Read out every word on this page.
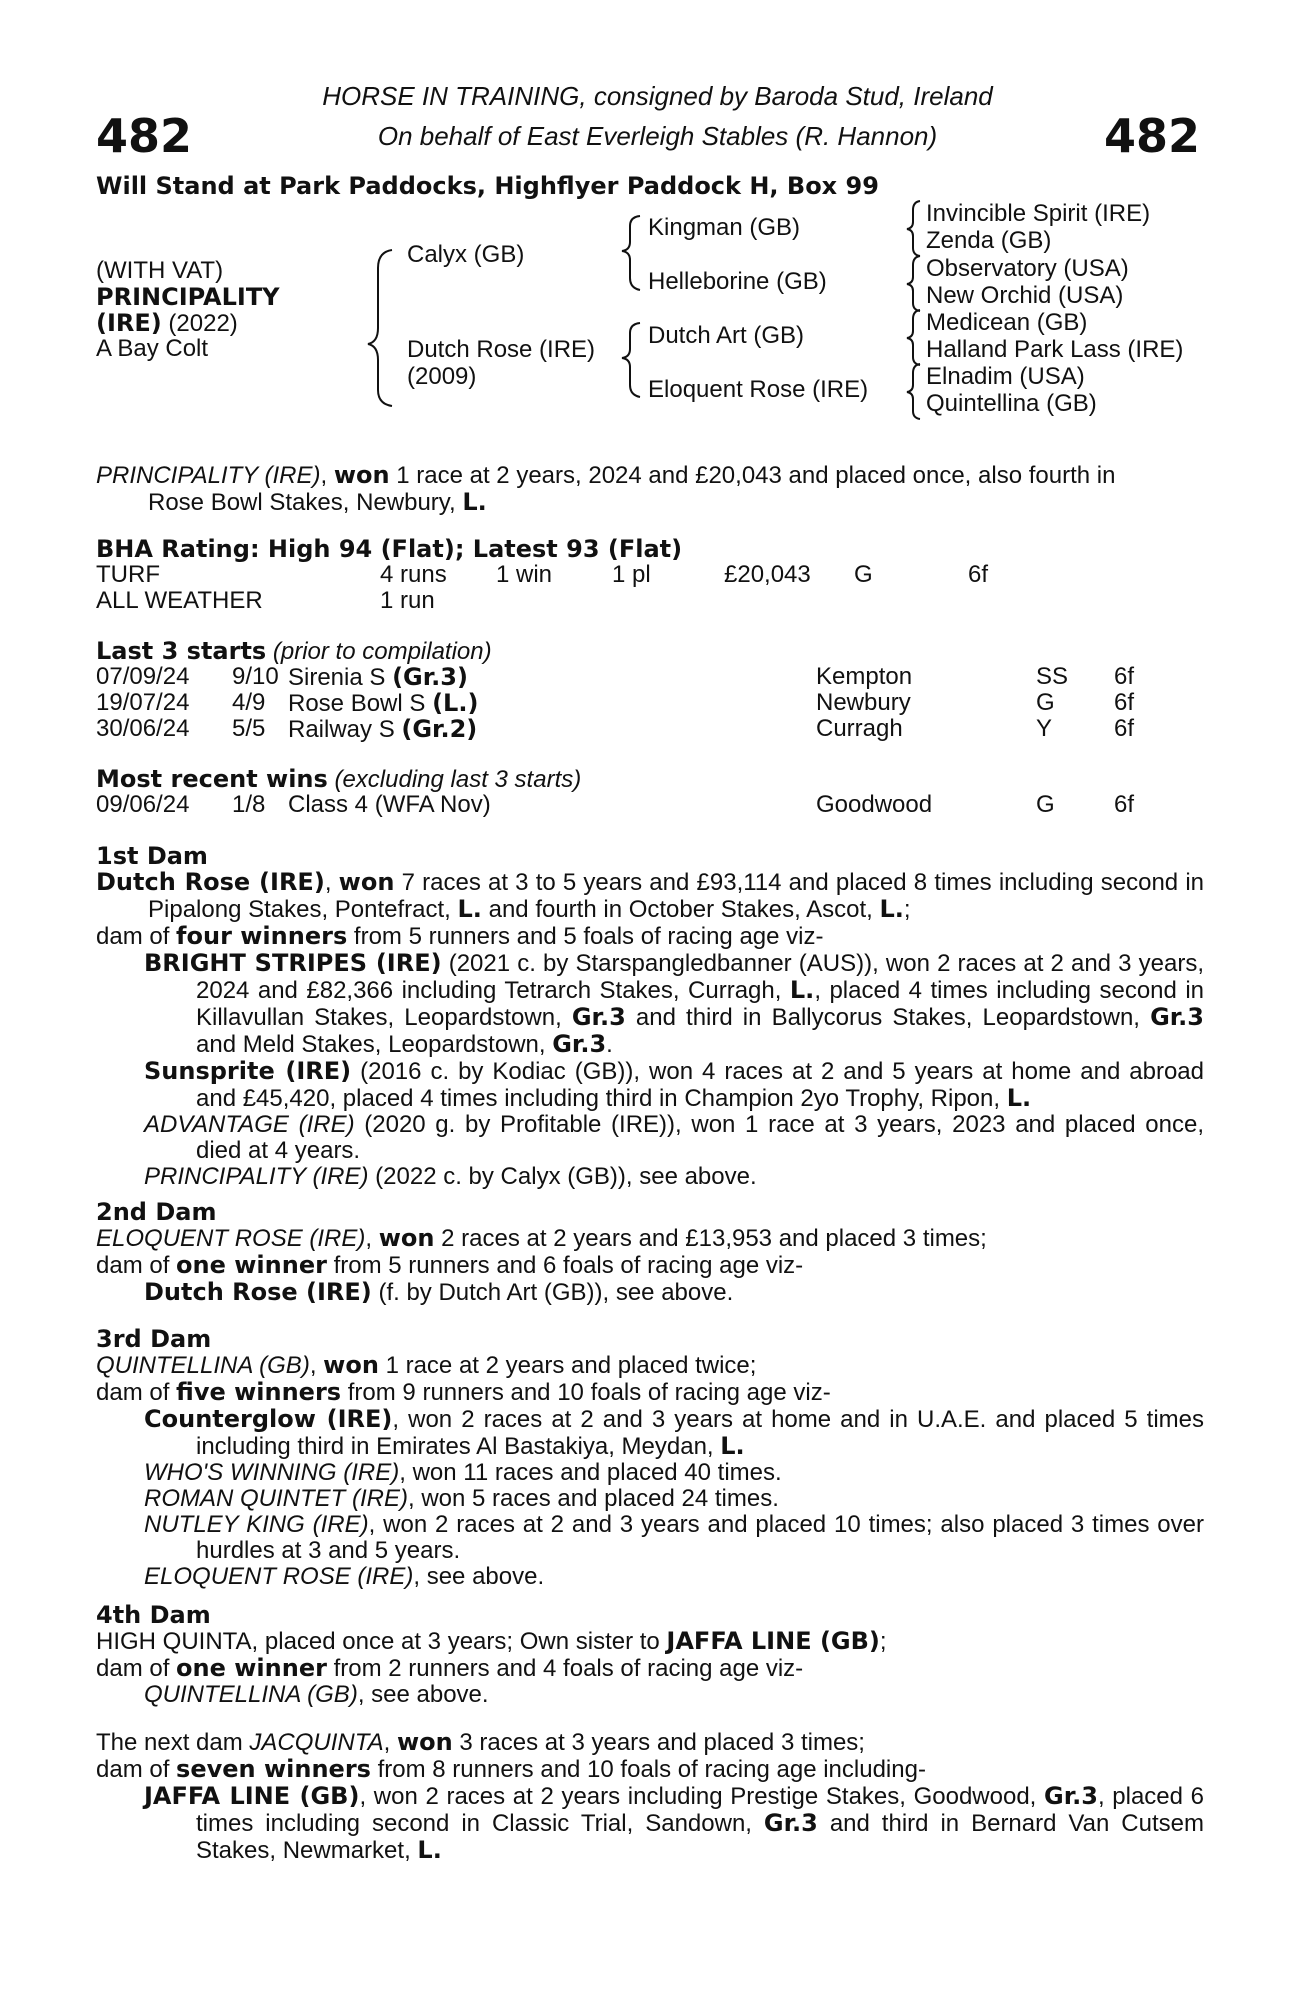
482	482
HORSE IN TRAINING, consigned by Baroda Stud, Ireland
On behalf of East Everleigh Stables (R. Hannon)
Will Stand at Park Paddocks, Highflyer Paddock H, Box 99
(WITH VAT)
PRINCIPALITY
(IRE) (2022)
A Bay Colt
Calyx (GB)
Dutch Rose (IRE)
(2009)
Kingman (GB)
Helleborine (GB)
Dutch Art (GB)
Eloquent Rose (IRE)
Invincible Spirit (IRE)
Zenda (GB)
Observatory (USA)
New Orchid (USA)
Medicean (GB)
Halland Park Lass (IRE)
Elnadim (USA)
Quintellina (GB)
PRINCIPALITY (IRE), won 1 race at 2 years, 2024 and £20,043 and placed once, also fourth in
Rose Bowl Stakes, Newbury, L.
BHA Rating: High 94 (Flat); Latest 93 (Flat)
TURF	4 runs 1 win 1 pl	£20,043 G	6f
ALL WEATHER	1 run
Last 3 starts (prior to compilation)
07/09/24 9/10 Sirenia S (Gr.3)	Kempton	SS 6f
19/07/24 4/9 Rose Bowl S (L.)	Newbury	G 6f
30/06/24 5/5 Railway S (Gr.2)	Curragh	Y	6f
Most recent wins (excluding last 3 starts)
09/06/24 1/8 Class 4 (WFA Nov)	Goodwood	G 6f
1st Dam
Dutch Rose (IRE), won 7 races at 3 to 5 years and £93,114 and placed 8 times including second in Pipalong Stakes, Pontefract, L. and fourth in October Stakes, Ascot, L.;
dam of four winners from 5 runners and 5 foals of racing age viz-
BRIGHT STRIPES (IRE) (2021 c. by Starspangledbanner (AUS)), won 2 races at 2 and 3 years, 2024 and £82,366 including Tetrarch Stakes, Curragh, L., placed 4 times including second in Killavullan Stakes, Leopardstown, Gr.3 and third in Ballycorus Stakes, Leopardstown, Gr.3 and Meld Stakes, Leopardstown, Gr.3.
Sunsprite (IRE) (2016 c. by Kodiac (GB)), won 4 races at 2 and 5 years at home and abroad and £45,420, placed 4 times including third in Champion 2yo Trophy, Ripon, L.
ADVANTAGE (IRE) (2020 g. by Profitable (IRE)), won 1 race at 3 years, 2023 and placed once, died at 4 years.
PRINCIPALITY (IRE) (2022 c. by Calyx (GB)), see above.
2nd Dam
ELOQUENT ROSE (IRE), won 2 races at 2 years and £13,953 and placed 3 times;
dam of one winner from 5 runners and 6 foals of racing age viz-
Dutch Rose (IRE) (f. by Dutch Art (GB)), see above.
3rd Dam
QUINTELLINA (GB), won 1 race at 2 years and placed twice;
dam of five winners from 9 runners and 10 foals of racing age viz-
Counterglow (IRE), won 2 races at 2 and 3 years at home and in U.A.E. and placed 5 times including third in Emirates Al Bastakiya, Meydan, L.
WHO'S WINNING (IRE), won 11 races and placed 40 times.
ROMAN QUINTET (IRE), won 5 races and placed 24 times.
NUTLEY KING (IRE), won 2 races at 2 and 3 years and placed 10 times; also placed 3 times over hurdles at 3 and 5 years.
ELOQUENT ROSE (IRE), see above.
4th Dam
HIGH QUINTA, placed once at 3 years; Own sister to JAFFA LINE (GB);
dam of one winner from 2 runners and 4 foals of racing age viz-
QUINTELLINA (GB), see above.
The next dam JACQUINTA, won 3 races at 3 years and placed 3 times;
dam of seven winners from 8 runners and 10 foals of racing age including-
JAFFA LINE (GB), won 2 races at 2 years including Prestige Stakes, Goodwood, Gr.3, placed 6 times including second in Classic Trial, Sandown, Gr.3 and third in Bernard Van Cutsem Stakes, Newmarket, L.
